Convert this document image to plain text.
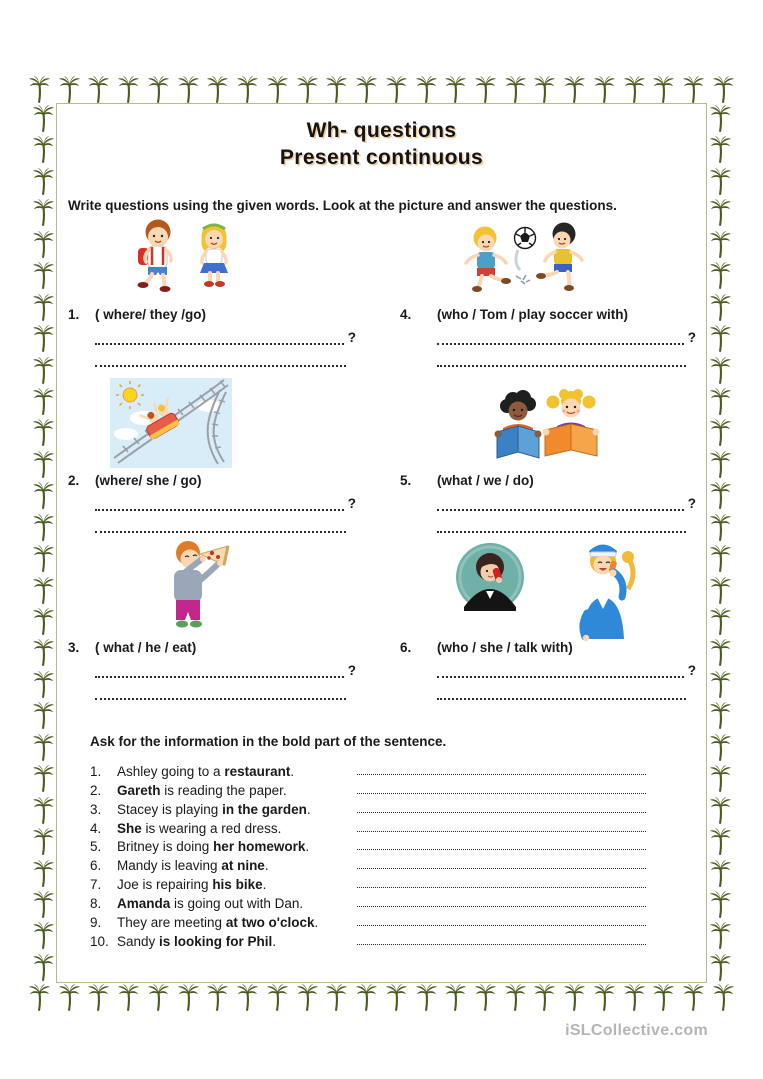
Wh- questions
Present continuous
Write questions using the given words. Look at the picture and answer the questions.
1.	( where/ they /go)
?
4.	(who / Tom / play soccer with)
?
2.	(where/ she / go)
?
5.	(what / we / do)
?
3.	( what / he / eat)
?
6.	(who / she / talk with)
?
Ask for the information in the bold part of the sentence.
1.	Ashley going to a restaurant.
2.	Gareth is reading the paper.
3.	Stacey is playing in the garden.
4.	She is wearing a red dress.
5.	Britney is doing her homework.
6.	Mandy is leaving at nine.
7.	Joe is repairing his bike.
8.	Amanda is going out with Dan.
9.	They are meeting at two o'clock.
10. Sandy is looking for Phil.
iSLCollective.com
